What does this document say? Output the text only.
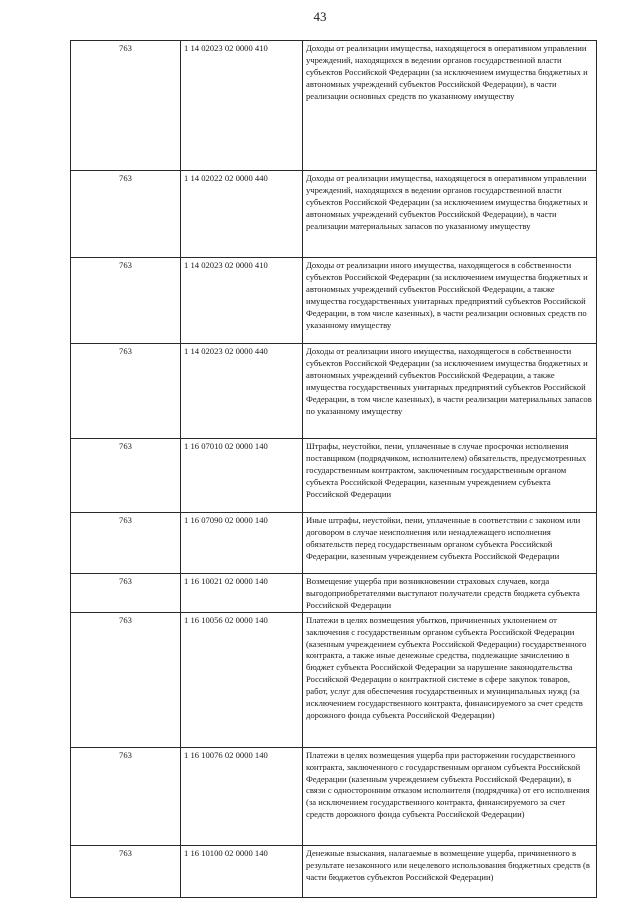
43
763	1 14 02023 02 0000 410	Доходы от реализации имущества, находящегося в оперативном управлении учреждений, находящихся в ведении органов государственной власти субъектов Российской Федерации (за исключением имущества бюджетных и автономных учреждений субъектов Российской Федерации), в части реализации основных средств по указанному имуществу
763	1 14 02022 02 0000 440	Доходы от реализации имущества, находящегося в оперативном управлении учреждений, находящихся в ведении органов государственной власти субъектов Российской Федерации (за исключением имущества бюджетных и автономных учреждений субъектов Российской Федерации), в части реализации материальных запасов по указанному имуществу
763	1 14 02023 02 0000 410	Доходы от реализации иного имущества, находящегося в собственности субъектов Российской Федерации (за исключением имущества бюджетных и автономных учреждений субъектов Российской Федерации, а также имущества государственных унитарных предприятий субъектов Российской Федерации, в том числе казенных), в части реализации основных средств по указанному имуществу
763	1 14 02023 02 0000 440	Доходы от реализации иного имущества, находящегося в собственности субъектов Российской Федерации (за исключением имущества бюджетных и автономных учреждений субъектов Российской Федерации, а также имущества государственных унитарных предприятий субъектов Российской Федерации, в том числе казенных), в части реализации материальных запасов по указанному имуществу
763	1 16 07010 02 0000 140	Штрафы, неустойки, пени, уплаченные в случае просрочки исполнения поставщиком (подрядчиком, исполнителем) обязательств, предусмотренных государственным контрактом, заключенным государственным органом субъекта Российской Федерации, казенным учреждением субъекта Российской Федерации
763	1 16 07090 02 0000 140	Иные штрафы, неустойки, пени, уплаченные в соответствии с законом или договором в случае неисполнения или ненадлежащего исполнения обязательств перед государственным органом субъекта Российской Федерации, казенным учреждением субъекта Российской Федерации
763	1 16 10021 02 0000 140	Возмещение ущерба при возникновении страховых случаев, когда выгодоприобретателями выступают получатели средств бюджета субъекта Российской Федерации
763	1 16 10056 02 0000 140	Платежи в целях возмещения убытков, причиненных уклонением от заключения с государственным органом субъекта Российской Федерации (казенным учреждением субъекта Российской Федерации) государственного контракта, а также иные денежные средства, подлежащие зачислению в бюджет субъекта Российской Федерации за нарушение законодательства Российской Федерации о контрактной системе в сфере закупок товаров, работ, услуг для обеспечения государственных и муниципальных нужд (за исключением государственного контракта, финансируемого за счет средств дорожного фонда субъекта Российской Федерации)
763	1 16 10076 02 0000 140	Платежи в целях возмещения ущерба при расторжении государственного контракта, заключенного с государственным органом субъекта Российской Федерации (казенным учреждением субъекта Российской Федерации), в связи с односторонним отказом исполнителя (подрядчика) от его исполнения (за исключением государственного контракта, финансируемого за счет средств дорожного фонда субъекта Российской Федерации)
763	1 16 10100 02 0000 140	Денежные взыскания, налагаемые в возмещение ущерба, причиненного в результате незаконного или нецелевого использования бюджетных средств (в части бюджетов субъектов Российской Федерации)
